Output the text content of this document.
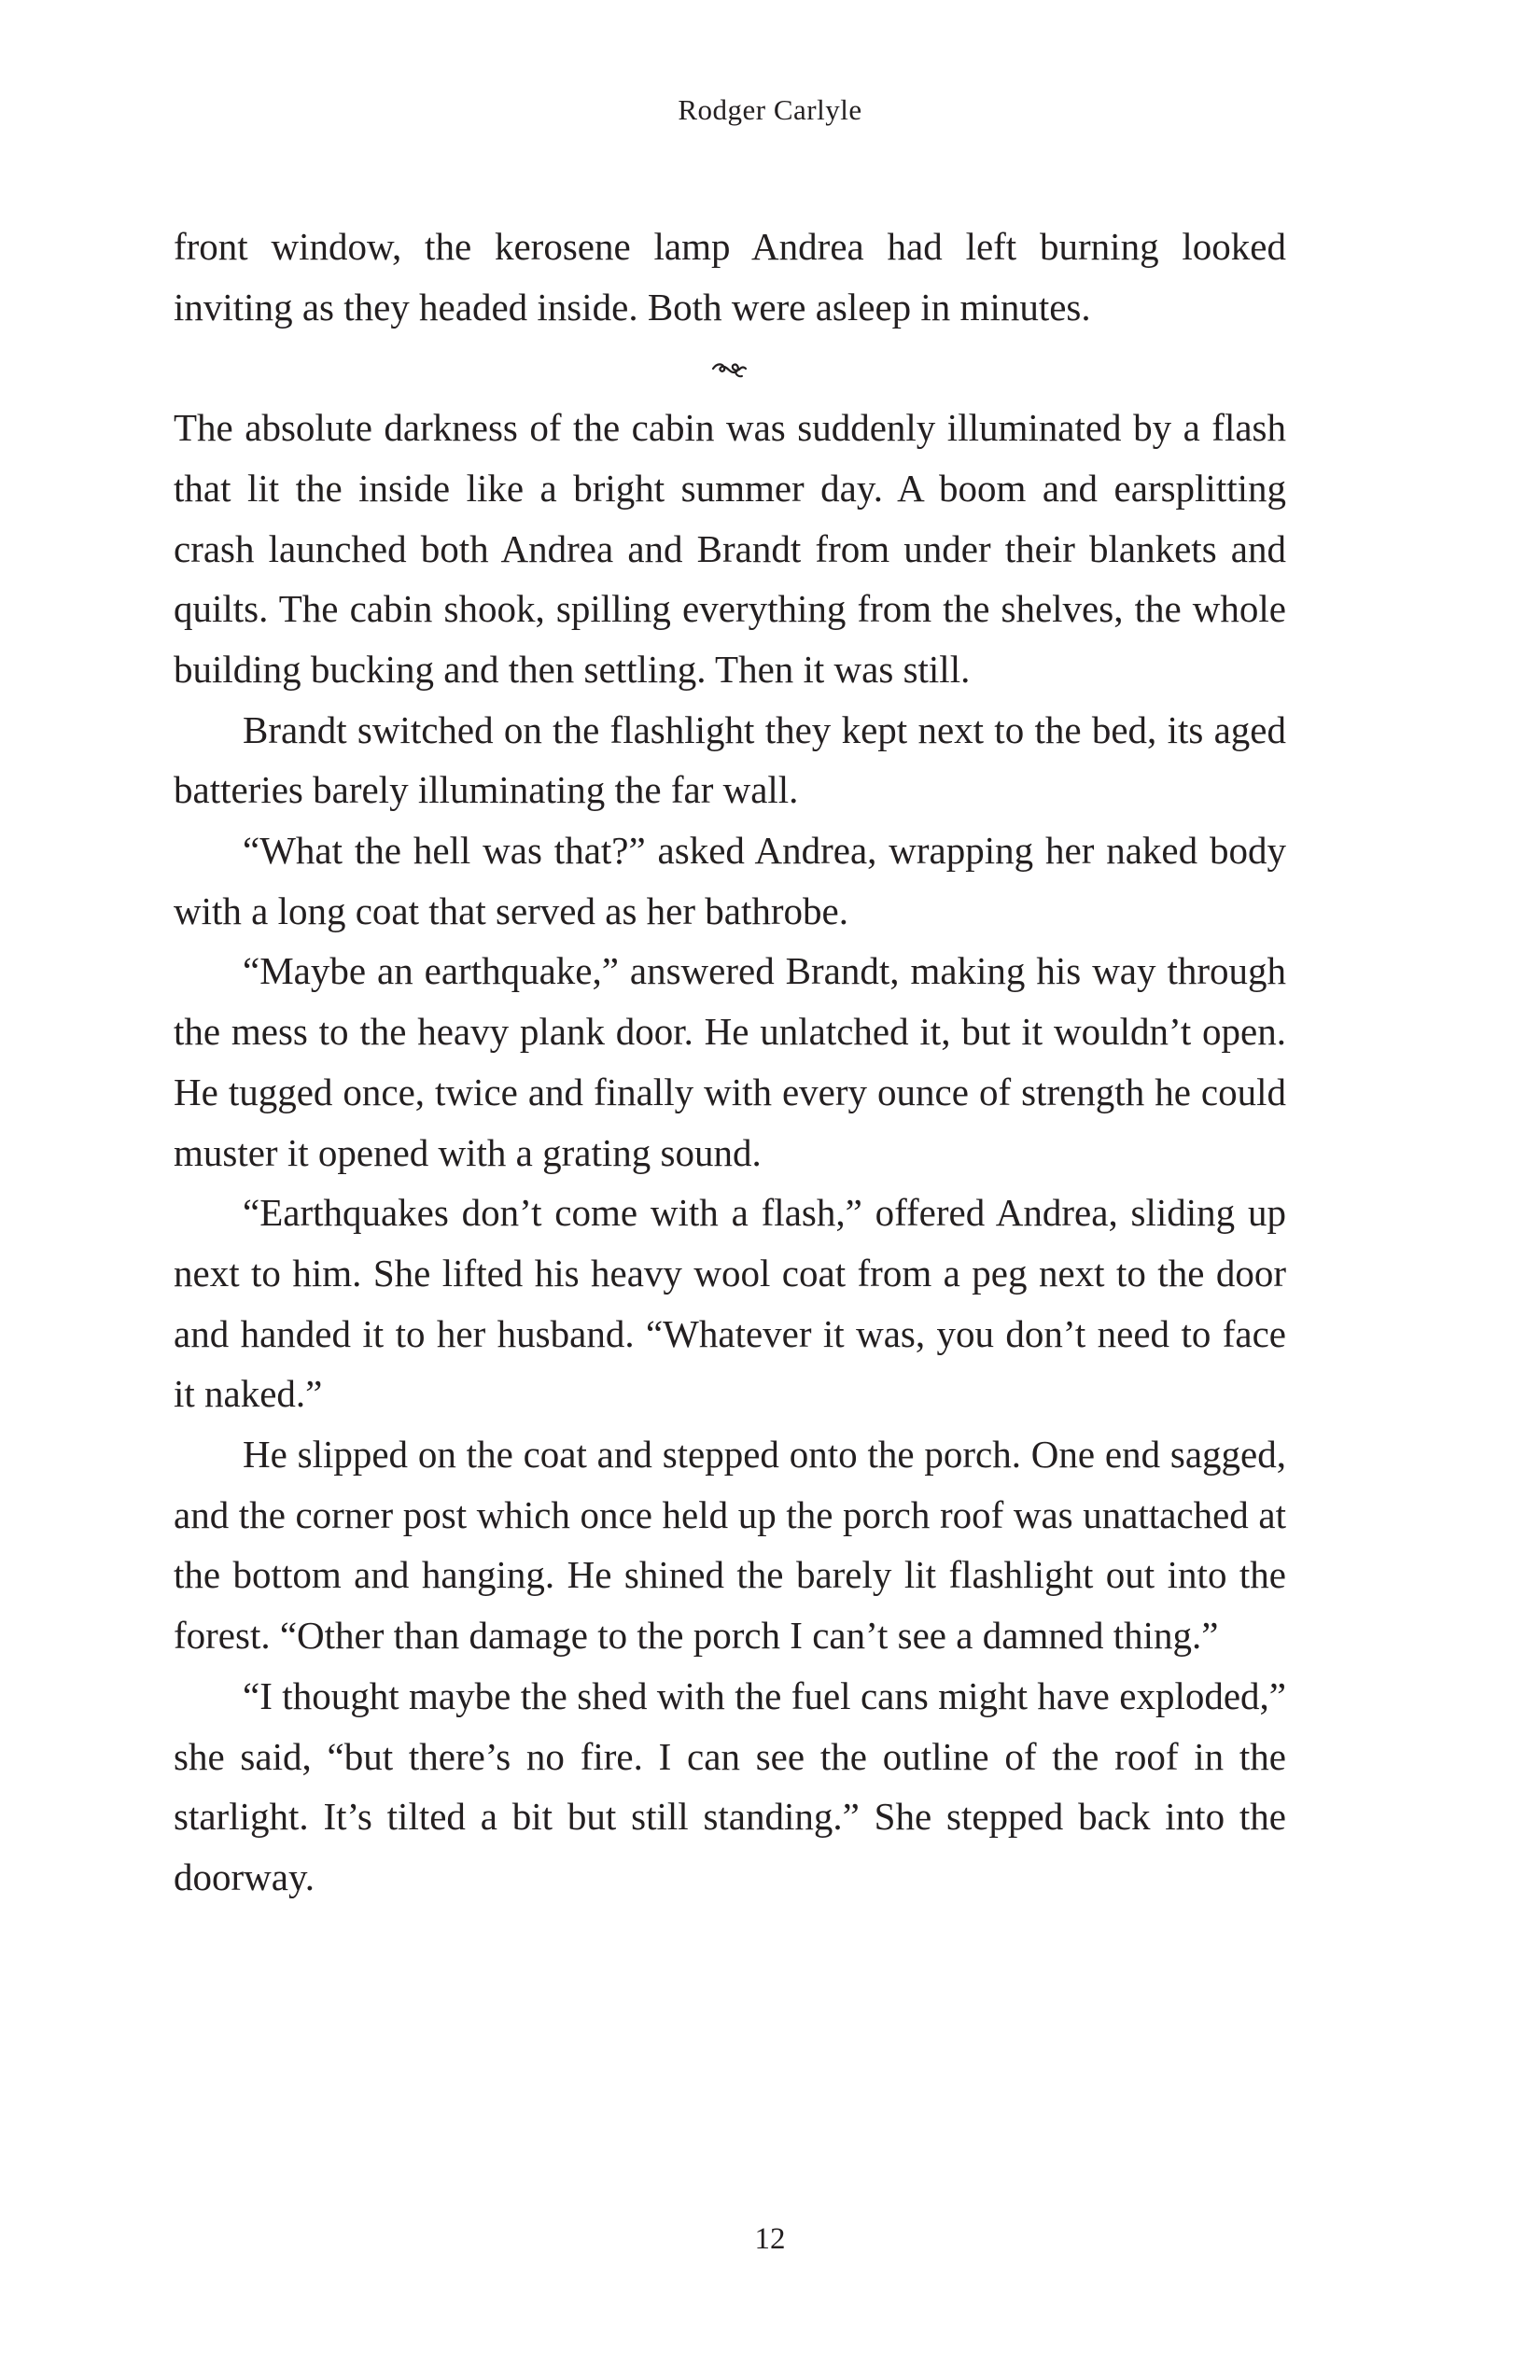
Rodger Carlyle

front window, the kerosene lamp Andrea had left burning looked inviting as they headed inside. Both were asleep in minutes.

The absolute darkness of the cabin was suddenly illuminated by a flash that lit the inside like a bright summer day. A boom and earsplitting crash launched both Andrea and Brandt from under their blankets and quilts. The cabin shook, spilling everything from the shelves, the whole building bucking and then settling. Then it was still.

Brandt switched on the flashlight they kept next to the bed, its aged batteries barely illuminating the far wall.

“What the hell was that?” asked Andrea, wrapping her naked body with a long coat that served as her bathrobe.

“Maybe an earthquake,” answered Brandt, making his way through the mess to the heavy plank door. He unlatched it, but it wouldn’t open. He tugged once, twice and finally with every ounce of strength he could muster it opened with a grating sound.

“Earthquakes don’t come with a flash,” offered Andrea, sliding up next to him. She lifted his heavy wool coat from a peg next to the door and handed it to her husband. “Whatever it was, you don’t need to face it naked.”

He slipped on the coat and stepped onto the porch. One end sagged, and the corner post which once held up the porch roof was unattached at the bottom and hanging. He shined the barely lit flashlight out into the forest. “Other than damage to the porch I can’t see a damned thing.”

“I thought maybe the shed with the fuel cans might have exploded,” she said, “but there’s no fire. I can see the outline of the roof in the starlight. It’s tilted a bit but still standing.” She stepped back into the doorway.

12
